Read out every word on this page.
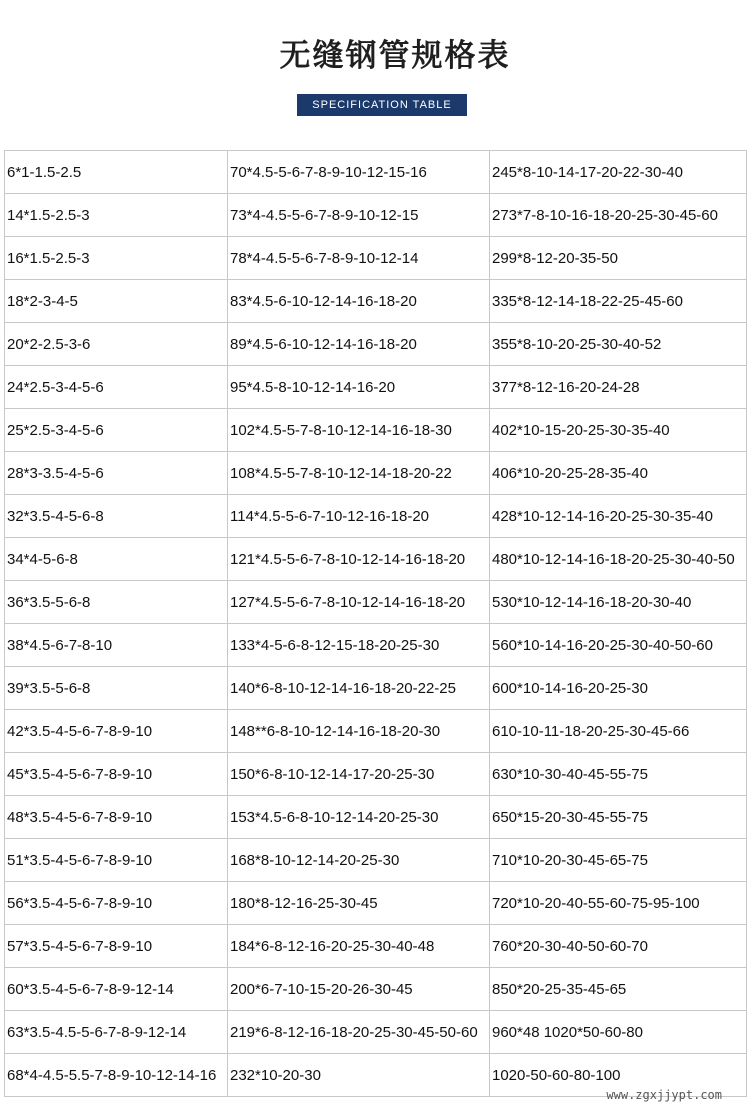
无缝钢管规格表
SPECIFICATION TABLE
6*1-1.5-2.5	70*4.5-5-6-7-8-9-10-12-15-16	245*8-10-14-17-20-22-30-40
14*1.5-2.5-3	73*4-4.5-5-6-7-8-9-10-12-15	273*7-8-10-16-18-20-25-30-45-60
16*1.5-2.5-3	78*4-4.5-5-6-7-8-9-10-12-14	299*8-12-20-35-50
18*2-3-4-5	83*4.5-6-10-12-14-16-18-20	335*8-12-14-18-22-25-45-60
20*2-2.5-3-6	89*4.5-6-10-12-14-16-18-20	355*8-10-20-25-30-40-52
24*2.5-3-4-5-6	95*4.5-8-10-12-14-16-20	377*8-12-16-20-24-28
25*2.5-3-4-5-6	102*4.5-5-7-8-10-12-14-16-18-30	402*10-15-20-25-30-35-40
28*3-3.5-4-5-6	108*4.5-5-7-8-10-12-14-18-20-22	406*10-20-25-28-35-40
32*3.5-4-5-6-8	114*4.5-5-6-7-10-12-16-18-20	428*10-12-14-16-20-25-30-35-40
34*4-5-6-8	121*4.5-5-6-7-8-10-12-14-16-18-20	480*10-12-14-16-18-20-25-30-40-50
36*3.5-5-6-8	127*4.5-5-6-7-8-10-12-14-16-18-20	530*10-12-14-16-18-20-30-40
38*4.5-6-7-8-10	133*4-5-6-8-12-15-18-20-25-30	560*10-14-16-20-25-30-40-50-60
39*3.5-5-6-8	140*6-8-10-12-14-16-18-20-22-25	600*10-14-16-20-25-30
42*3.5-4-5-6-7-8-9-10	148**6-8-10-12-14-16-18-20-30	610-10-11-18-20-25-30-45-66
45*3.5-4-5-6-7-8-9-10	150*6-8-10-12-14-17-20-25-30	630*10-30-40-45-55-75
48*3.5-4-5-6-7-8-9-10	153*4.5-6-8-10-12-14-20-25-30	650*15-20-30-45-55-75
51*3.5-4-5-6-7-8-9-10	168*8-10-12-14-20-25-30	710*10-20-30-45-65-75
56*3.5-4-5-6-7-8-9-10	180*8-12-16-25-30-45	720*10-20-40-55-60-75-95-100
57*3.5-4-5-6-7-8-9-10	184*6-8-12-16-20-25-30-40-48	760*20-30-40-50-60-70
60*3.5-4-5-6-7-8-9-12-14	200*6-7-10-15-20-26-30-45	850*20-25-35-45-65
63*3.5-4.5-5-6-7-8-9-12-14	219*6-8-12-16-18-20-25-30-45-50-60	960*48 1020*50-60-80
68*4-4.5-5.5-7-8-9-10-12-14-16	232*10-20-30	1020-50-60-80-100
www.zgxjjypt.com
